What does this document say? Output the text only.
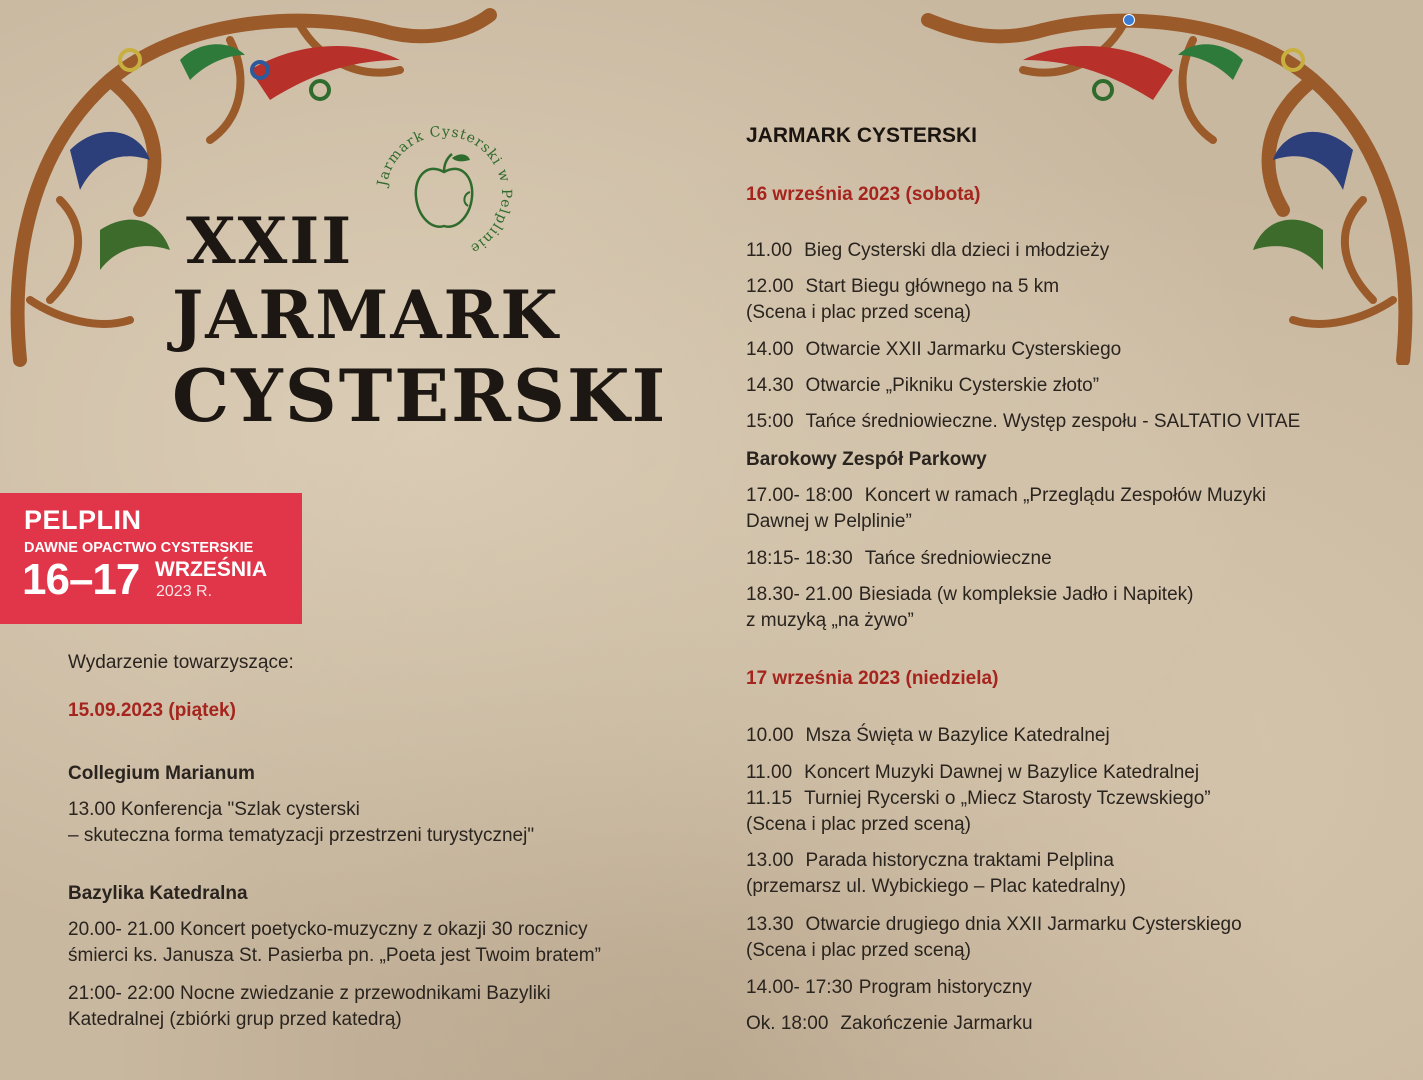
Jarmark Cysterski w Pelplinie
XXII
JARMARK
CYSTERSKI
PELPLIN
DAWNE OPACTWO CYSTERSKIE
16–17 WRZEŚNIA
2023 R.

Wydarzenie towarzyszące:

15.09.2023 (piątek)

Collegium Marianum

13.00 Konferencja "Szlak cysterski

– skuteczna forma tematyzacji przestrzeni turystycznej"

Bazylika Katedralna

20.00- 21.00 Koncert poetycko-muzyczny z okazji 30 rocznicy

śmierci ks. Janusza St. Pasierba pn. „Poeta jest Twoim bratem”

21:00- 22:00 Nocne zwiedzanie z przewodnikami Bazyliki

Katedralnej (zbiórki grup przed katedrą)

JARMARK CYSTERSKI

16 września 2023 (sobota)

11.00 Bieg Cysterski dla dzieci i młodzieży

12.00 Start Biegu głównego na 5 km

(Scena i plac przed sceną)

14.00 Otwarcie XXII Jarmarku Cysterskiego

14.30 Otwarcie „Pikniku Cysterskie złoto”

15:00 Tańce średniowieczne. Występ zespołu - SALTATIO VITAE

Barokowy Zespół Parkowy

17.00- 18:00 Koncert w ramach „Przeglądu Zespołów Muzyki

Dawnej w Pelplinie”

18:15- 18:30 Tańce średniowieczne

18.30- 21.00 Biesiada (w kompleksie Jadło i Napitek)

z muzyką „na żywo”

17 września 2023 (niedziela)

10.00 Msza Święta w Bazylice Katedralnej

11.00 Koncert Muzyki Dawnej w Bazylice Katedralnej

11.15 Turniej Rycerski o „Miecz Starosty Tczewskiego”

(Scena i plac przed sceną)

13.00 Parada historyczna traktami Pelplina

(przemarsz ul. Wybickiego – Plac katedralny)

13.30 Otwarcie drugiego dnia XXII Jarmarku Cysterskiego

(Scena i plac przed sceną)

14.00- 17:30 Program historyczny

Ok. 18:00 Zakończenie Jarmarku
